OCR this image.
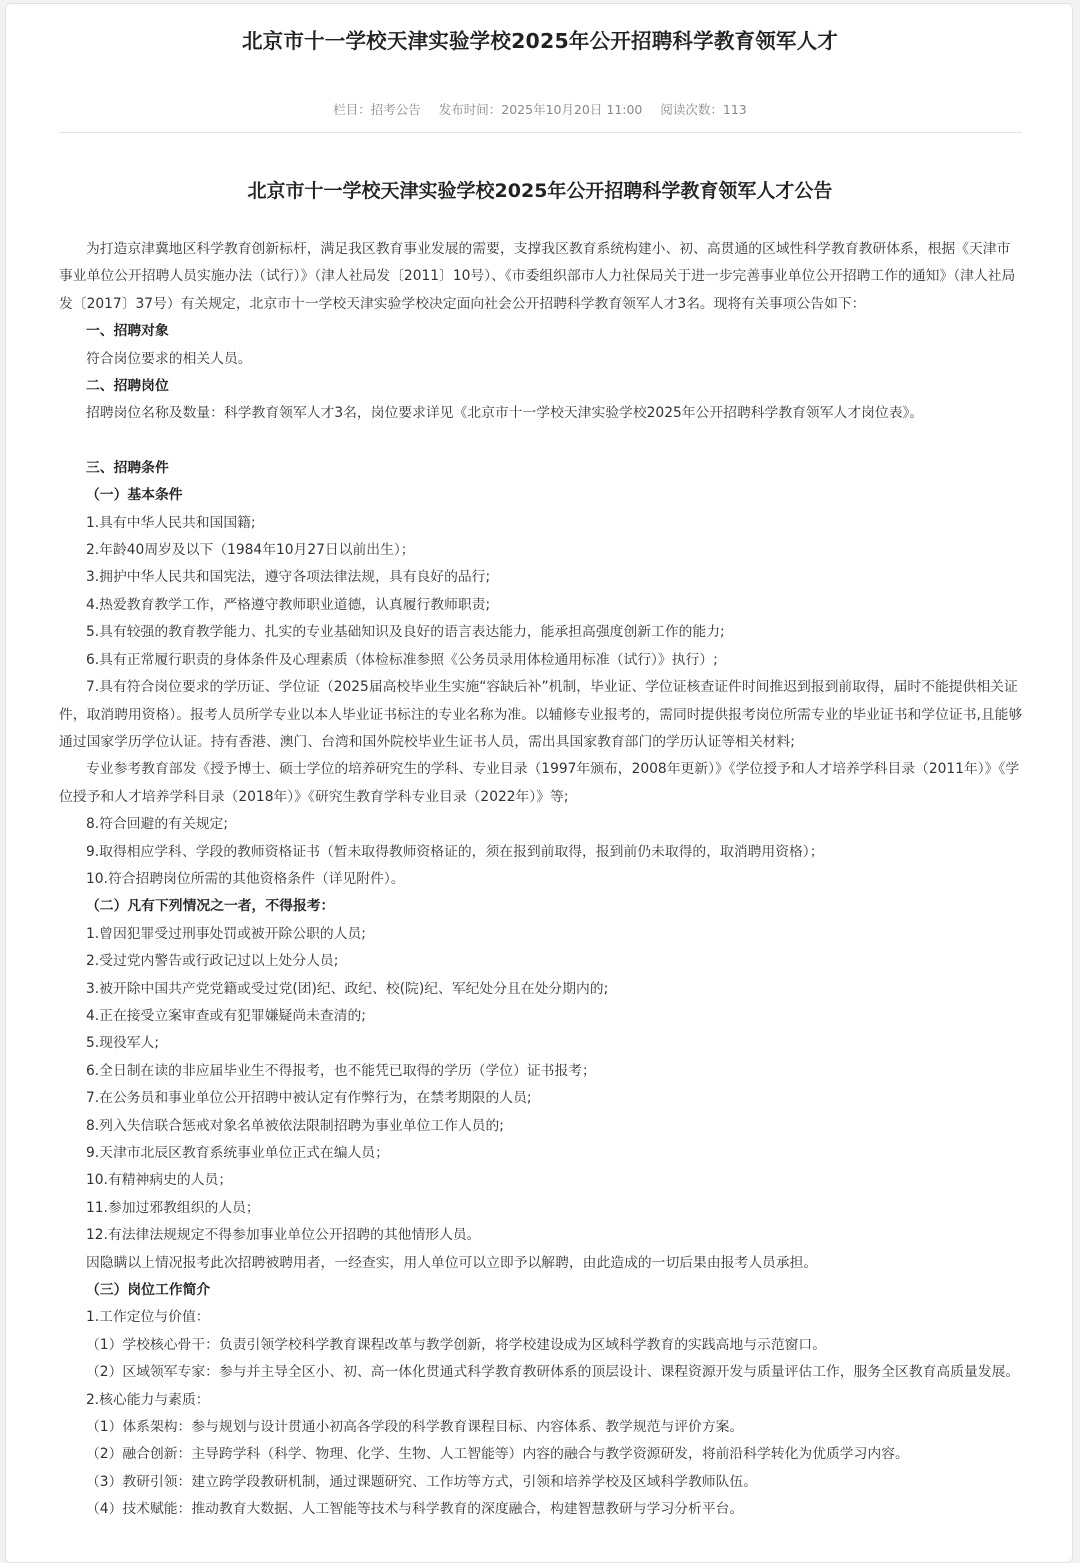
北京市十一学校天津实验学校2025年公开招聘科学教育领军人才
栏目：招考公告 发布时间：2025年10月20日 11:00 阅读次数：113
北京市十一学校天津实验学校2025年公开招聘科学教育领军人才公告

为打造京津冀地区科学教育创新标杆，满足我区教育事业发展的需要，支撑我区教育系统构建小、初、高贯通的区域性科学教育教研体系，根据《天津市事业单位公开招聘人员实施办法（试行）》（津人社局发〔2011〕10号）、《市委组织部市人力社保局关于进一步完善事业单位公开招聘工作的通知》（津人社局发〔2017〕37号）有关规定，北京市十一学校天津实验学校决定面向社会公开招聘科学教育领军人才3名。现将有关事项公告如下：

一、招聘对象

符合岗位要求的相关人员。

二、招聘岗位

招聘岗位名称及数量：科学教育领军人才3名，岗位要求详见《北京市十一学校天津实验学校2025年公开招聘科学教育领军人才岗位表》。

三、招聘条件

（一）基本条件

1.具有中华人民共和国国籍;

2.年龄40周岁及以下（1984年10月27日以前出生）；

3.拥护中华人民共和国宪法，遵守各项法律法规，具有良好的品行;

4.热爱教育教学工作，严格遵守教师职业道德，认真履行教师职责;

5.具有较强的教育教学能力、扎实的专业基础知识及良好的语言表达能力，能承担高强度创新工作的能力;

6.具有正常履行职责的身体条件及心理素质（体检标准参照《公务员录用体检通用标准（试行）》执行）;

7.具有符合岗位要求的学历证、学位证（2025届高校毕业生实施“容缺后补”机制，毕业证、学位证核查证件时间推迟到报到前取得，届时不能提供相关证件，取消聘用资格）。报考人员所学专业以本人毕业证书标注的专业名称为准。以辅修专业报考的，需同时提供报考岗位所需专业的毕业证书和学位证书,且能够通过国家学历学位认证。持有香港、澳门、台湾和国外院校毕业生证书人员，需出具国家教育部门的学历认证等相关材料;

专业参考教育部发《授予博士、硕士学位的培养研究生的学科、专业目录（1997年颁布，2008年更新）》《学位授予和人才培养学科目录（2011年）》《学位授予和人才培养学科目录（2018年）》《研究生教育学科专业目录（2022年）》等;

8.符合回避的有关规定;

9.取得相应学科、学段的教师资格证书（暂未取得教师资格证的，须在报到前取得，报到前仍未取得的，取消聘用资格）；

10.符合招聘岗位所需的其他资格条件（详见附件）。

（二）凡有下列情况之一者，不得报考：

1.曾因犯罪受过刑事处罚或被开除公职的人员;

2.受过党内警告或行政记过以上处分人员;

3.被开除中国共产党党籍或受过党(团)纪、政纪、校(院)纪、军纪处分且在处分期内的;

4.正在接受立案审查或有犯罪嫌疑尚未查清的;

5.现役军人;

6.全日制在读的非应届毕业生不得报考，也不能凭已取得的学历（学位）证书报考；

7.在公务员和事业单位公开招聘中被认定有作弊行为，在禁考期限的人员;

8.列入失信联合惩戒对象名单被依法限制招聘为事业单位工作人员的;

9.天津市北辰区教育系统事业单位正式在编人员；

10.有精神病史的人员；

11.参加过邪教组织的人员；

12.有法律法规规定不得参加事业单位公开招聘的其他情形人员。

因隐瞒以上情况报考此次招聘被聘用者，一经查实，用人单位可以立即予以解聘，由此造成的一切后果由报考人员承担。

（三）岗位工作简介

1.工作定位与价值：

（1）学校核心骨干：负责引领学校科学教育课程改革与教学创新，将学校建设成为区域科学教育的实践高地与示范窗口。

（2）区域领军专家：参与并主导全区小、初、高一体化贯通式科学教育教研体系的顶层设计、课程资源开发与质量评估工作，服务全区教育高质量发展。

2.核心能力与素质：

（1）体系架构：参与规划与设计贯通小初高各学段的科学教育课程目标、内容体系、教学规范与评价方案。

（2）融合创新：主导跨学科（科学、物理、化学、生物、人工智能等）内容的融合与教学资源研发，将前沿科学转化为优质学习内容。

（3）教研引领：建立跨学段教研机制，通过课题研究、工作坊等方式，引领和培养学校及区域科学教师队伍。

（4）技术赋能：推动教育大数据、人工智能等技术与科学教育的深度融合，构建智慧教研与学习分析平台。
